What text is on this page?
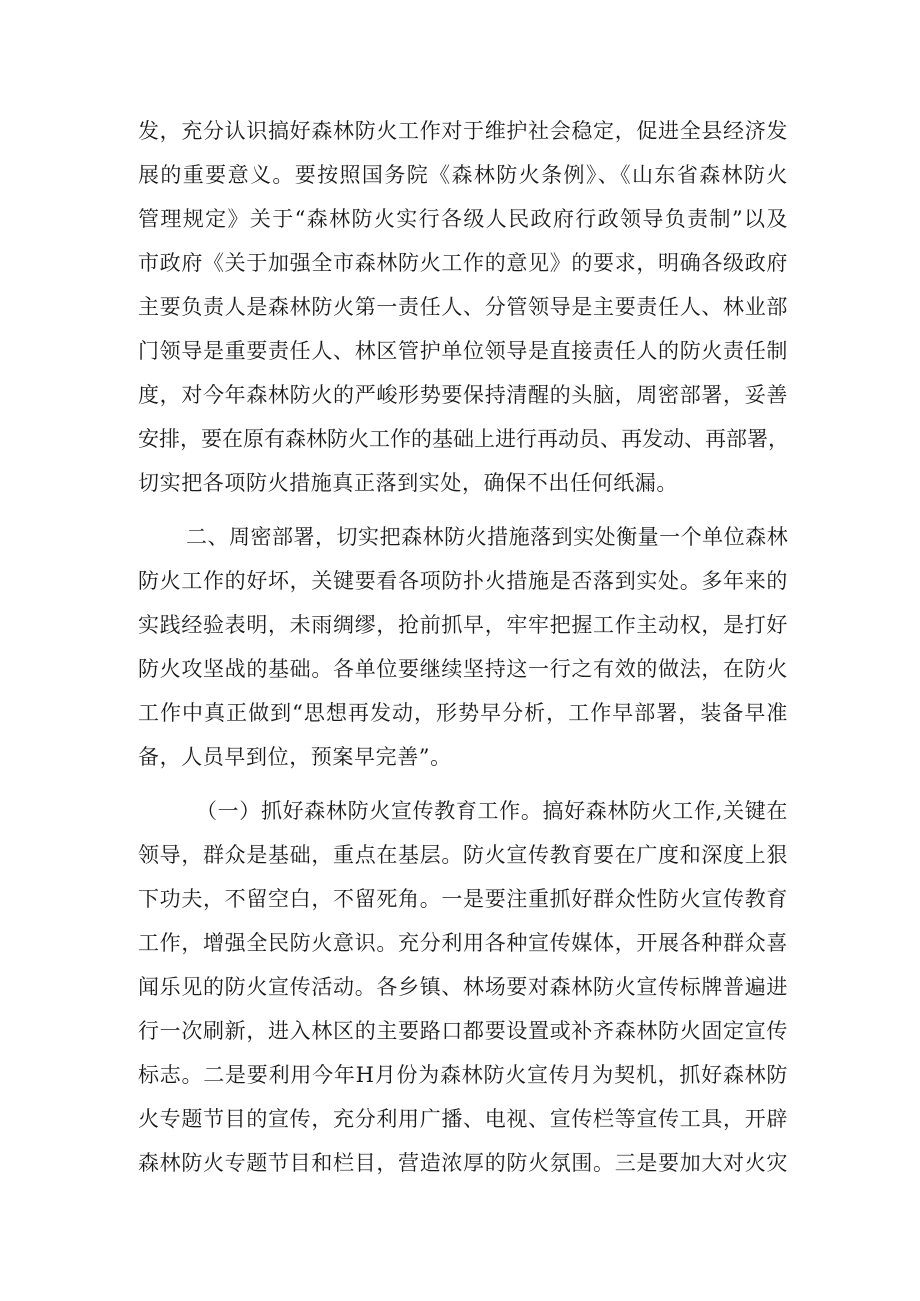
发，充分认识搞好森林防火工作对于维护社会稳定，促进全县经济发
展的重要意义。要按照国务院《森林防火条例》、《山东省森林防火
管理规定》关于“森林防火实行各级人民政府行政领导负责制”以及
市政府《关于加强全市森林防火工作的意见》的要求，明确各级政府
主要负责人是森林防火第一责任人、分管领导是主要责任人、林业部
门领导是重要责任人、林区管护单位领导是直接责任人的防火责任制
度，对今年森林防火的严峻形势要保持清醒的头脑，周密部署，妥善
安排，要在原有森林防火工作的基础上进行再动员、再发动、再部署，
切实把各项防火措施真正落到实处，确保不出任何纸漏。
二、周密部署，切实把森林防火措施落到实处衡量一个单位森林
防火工作的好坏，关键要看各项防扑火措施是否落到实处。多年来的
实践经验表明，未雨绸缪，抢前抓早，牢牢把握工作主动权，是打好
防火攻坚战的基础。各单位要继续坚持这一行之有效的做法，在防火
工作中真正做到“思想再发动，形势早分析，工作早部署，装备早准
备，人员早到位，预案早完善”。
（一）抓好森林防火宣传教育工作。搞好森林防火工作,关键在
领导，群众是基础，重点在基层。防火宣传教育要在广度和深度上狠
下功夫，不留空白，不留死角。一是要注重抓好群众性防火宣传教育
工作，增强全民防火意识。充分利用各种宣传媒体，开展各种群众喜
闻乐见的防火宣传活动。各乡镇、林场要对森林防火宣传标牌普遍进
行一次刷新，进入林区的主要路口都要设置或补齐森林防火固定宣传
标志。二是要利用今年H月份为森林防火宣传月为契机，抓好森林防
火专题节目的宣传，充分利用广播、电视、宣传栏等宣传工具，开辟
森林防火专题节目和栏目，营造浓厚的防火氛围。三是要加大对火灾
